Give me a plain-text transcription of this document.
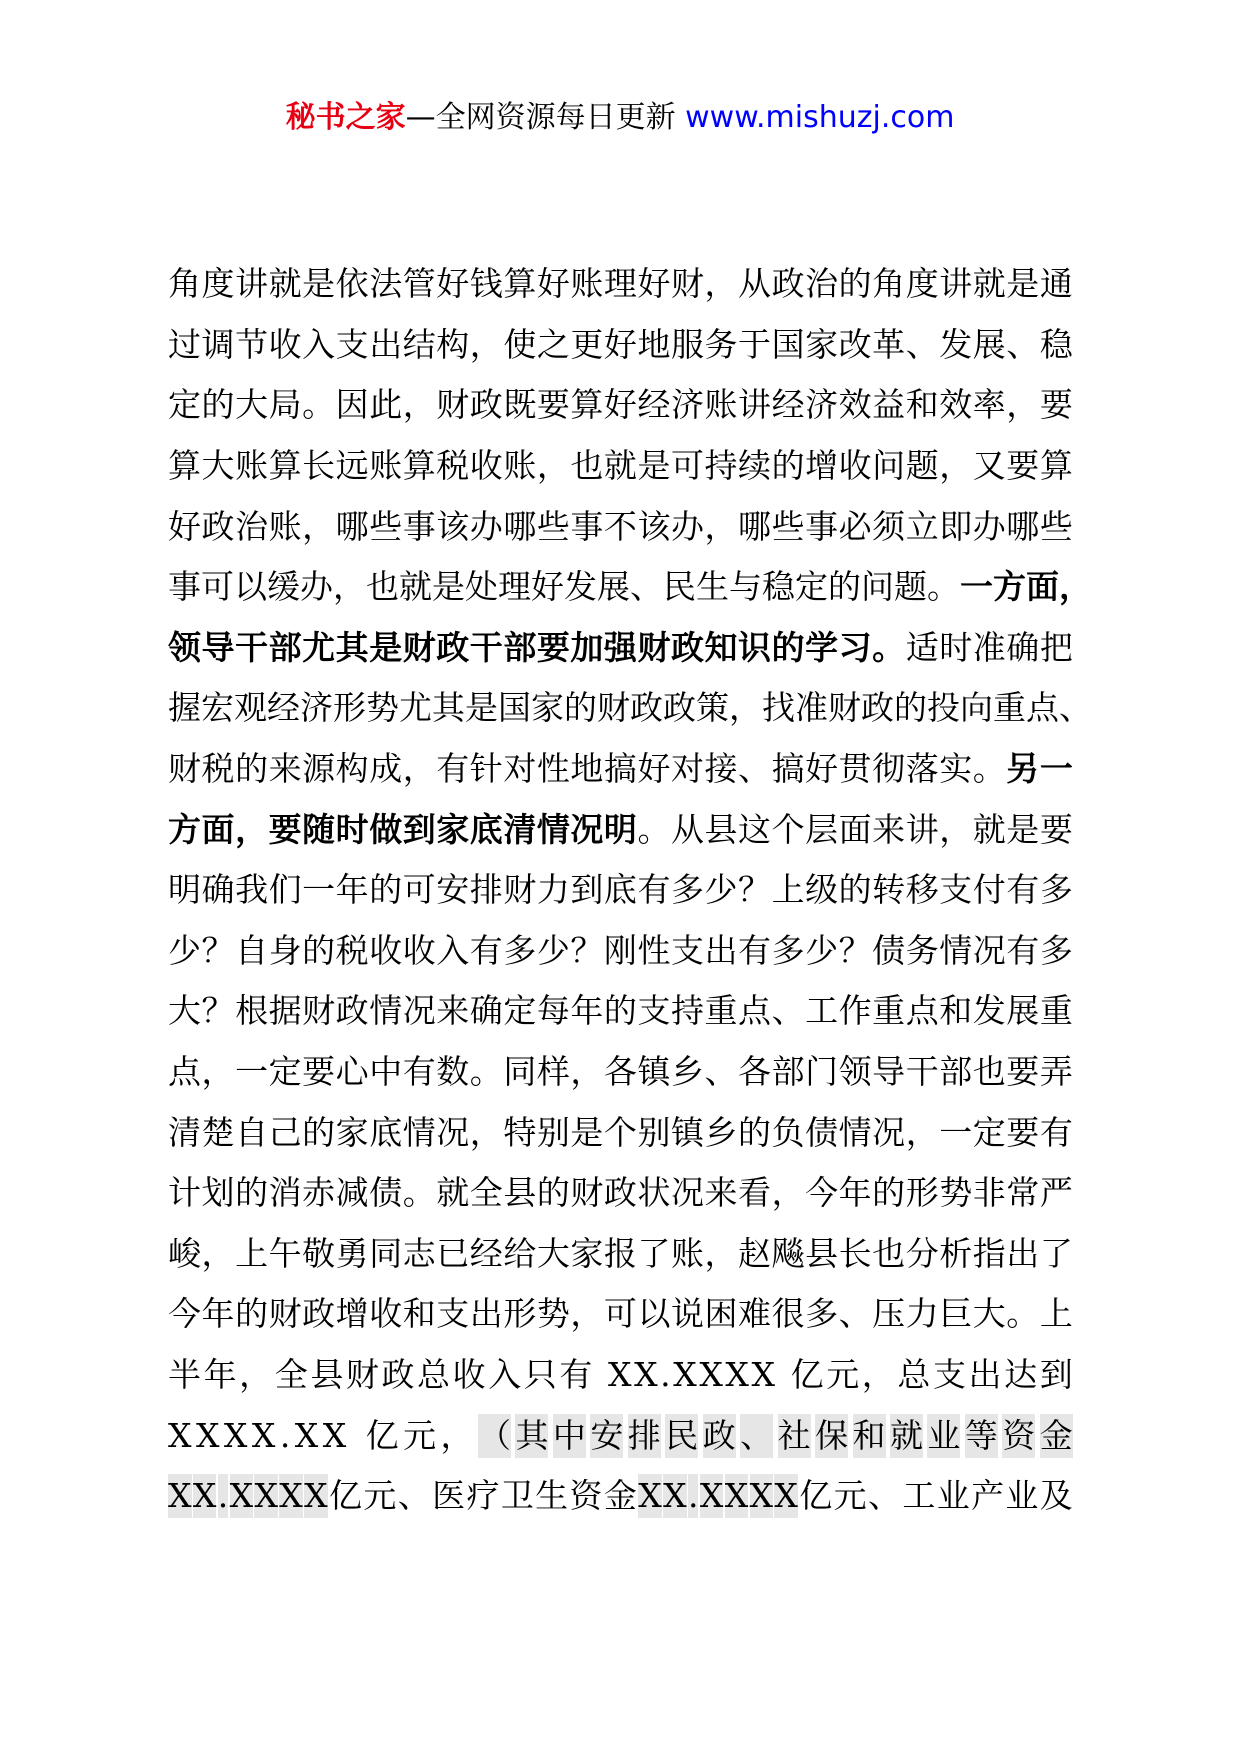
秘书之家—全网资源每日更新 www.mishuzj.com
角 度 讲 就 是 依 法 管 好 钱 算 好 账 理 好 财 ， 从 政 治 的 角 度 讲 就 是 通
过 调 节 收 入 支 出 结 构 ， 使 之 更 好 地 服 务 于 国 家 改 革 、 发 展 、 稳
定 的 大 局 。 因 此 ， 财 政 既 要 算 好 经 济 账 讲 经 济 效 益 和 效 率 ， 要
算 大 账 算 长 远 账 算 税 收 账 ， 也 就 是 可 持 续 的 增 收 问 题 ， 又 要 算
好 政 治 账 ， 哪 些 事 该 办 哪 些 事 不 该 办 ， 哪 些 事 必 须 立 即 办 哪 些
事 可 以 缓 办 ， 也 就 是 处 理 好 发 展 、 民 生 与 稳 定 的 问 题 。 一 方 面 ，
领 导 干 部 尤 其 是 财 政 干 部 要 加 强 财 政 知 识 的 学 习 。 适 时 准 确 把
握 宏 观 经 济 形 势 尤 其 是 国 家 的 财 政 政 策 ， 找 准 财 政 的 投 向 重 点 、
财 税 的 来 源 构 成 ， 有 针 对 性 地 搞 好 对 接 、 搞 好 贯 彻 落 实 。 另 一
方 面 ， 要 随 时 做 到 家 底 清 情 况 明 。 从 县 这 个 层 面 来 讲 ， 就 是 要
明 确 我 们 一 年 的 可 安 排 财 力 到 底 有 多 少 ？ 上 级 的 转 移 支 付 有 多
少 ？ 自 身 的 税 收 收 入 有 多 少 ？ 刚 性 支 出 有 多 少 ？ 债 务 情 况 有 多
大 ？ 根 据 财 政 情 况 来 确 定 每 年 的 支 持 重 点 、 工 作 重 点 和 发 展 重
点 ， 一 定 要 心 中 有 数 。 同 样 ， 各 镇 乡 、 各 部 门 领 导 干 部 也 要 弄
清 楚 自 己 的 家 底 情 况 ， 特 别 是 个 别 镇 乡 的 负 债 情 况 ， 一 定 要 有
计 划 的 消 赤 减 债 。 就 全 县 的 财 政 状 况 来 看 ， 今 年 的 形 势 非 常 严
峻 ， 上 午 敬 勇 同 志 已 经 给 大 家 报 了 账 ， 赵 飚 县 长 也 分 析 指 出 了
今 年 的 财 政 增 收 和 支 出 形 势 ， 可 以 说 困 难 很 多 、 压 力 巨 大 。 上
半 年 ， 全 县 财 政 总 收 入 只 有
X X . X X X X
亿 元 ， 总 支 出 达 到
X X X X . X X
亿 元 ， （ 其 中 安 排 民 政 、 社 保 和 就 业 等 资 金
X X . X X X X 亿 元 、 医 疗 卫 生 资 金 X X . X X X X 亿 元 、 工 业 产 业 及
